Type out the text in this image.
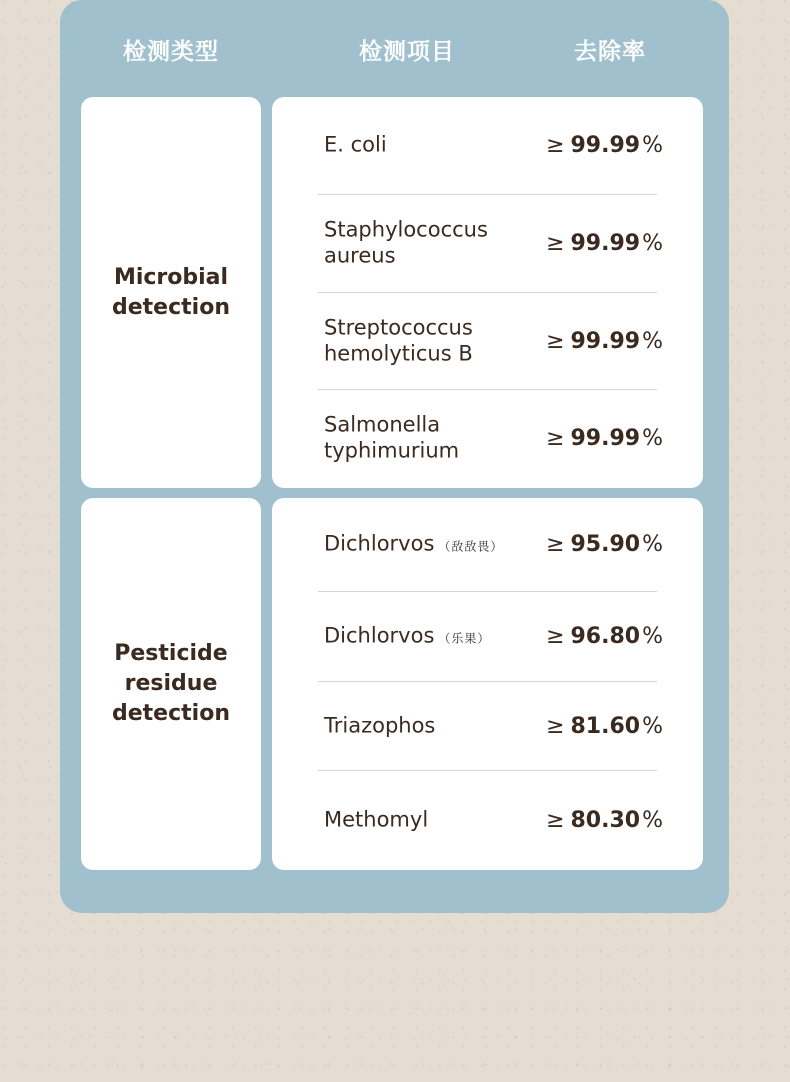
检测类型	检测项目	去除率
Microbial detection
E. coli	≥ 99.99%
Staphylococcus aureus	≥ 99.99%
Streptococcus hemolyticus B	≥ 99.99%
Salmonella typhimurium	≥ 99.99%
Pesticide residue detection
Dichlorvos （敌敌畏）	≥ 95.90%
Dichlorvos （乐果）	≥ 96.80%
Triazophos	≥ 81.60%
Methomyl	≥ 80.30%
